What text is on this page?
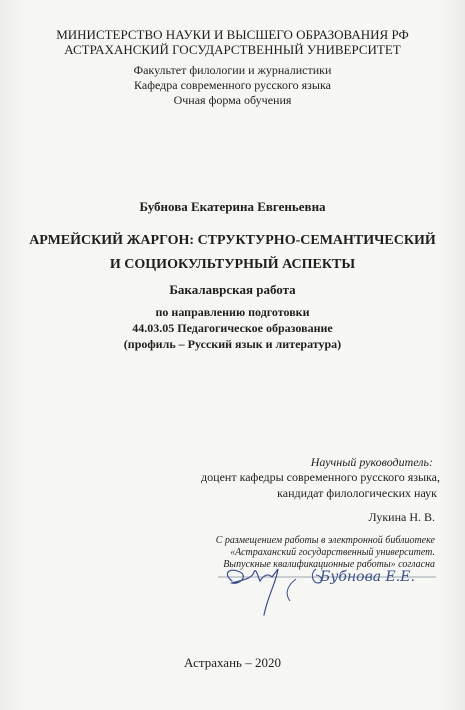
МИНИСТЕРСТВО НАУКИ И ВЫСШЕГО ОБРАЗОВАНИЯ РФ
АСТРАХАНСКИЙ ГОСУДАРСТВЕННЫЙ УНИВЕРСИТЕТ
Факультет филологии и журналистики
Кафедра современного русского языка
Очная форма обучения
Бубнова Екатерина Евгеньевна
АРМЕЙСКИЙ ЖАРГОН: СТРУКТУРНО-СЕМАНТИЧЕСКИЙ
И СОЦИОКУЛЬТУРНЫЙ АСПЕКТЫ
Бакалаврская работа
по направлению подготовки
44.03.05 Педагогическое образование
(профиль – Русский язык и литература)
Научный руководитель:
доцент кафедры современного русского языка,
кандидат филологических наук
Лукина Н. В.
С размещением работы в электронной библиотеке
«Астраханский государственный университет.
Выпускные квалификационные работы» согласна
Бубнова Е.Е.
Астрахань – 2020
